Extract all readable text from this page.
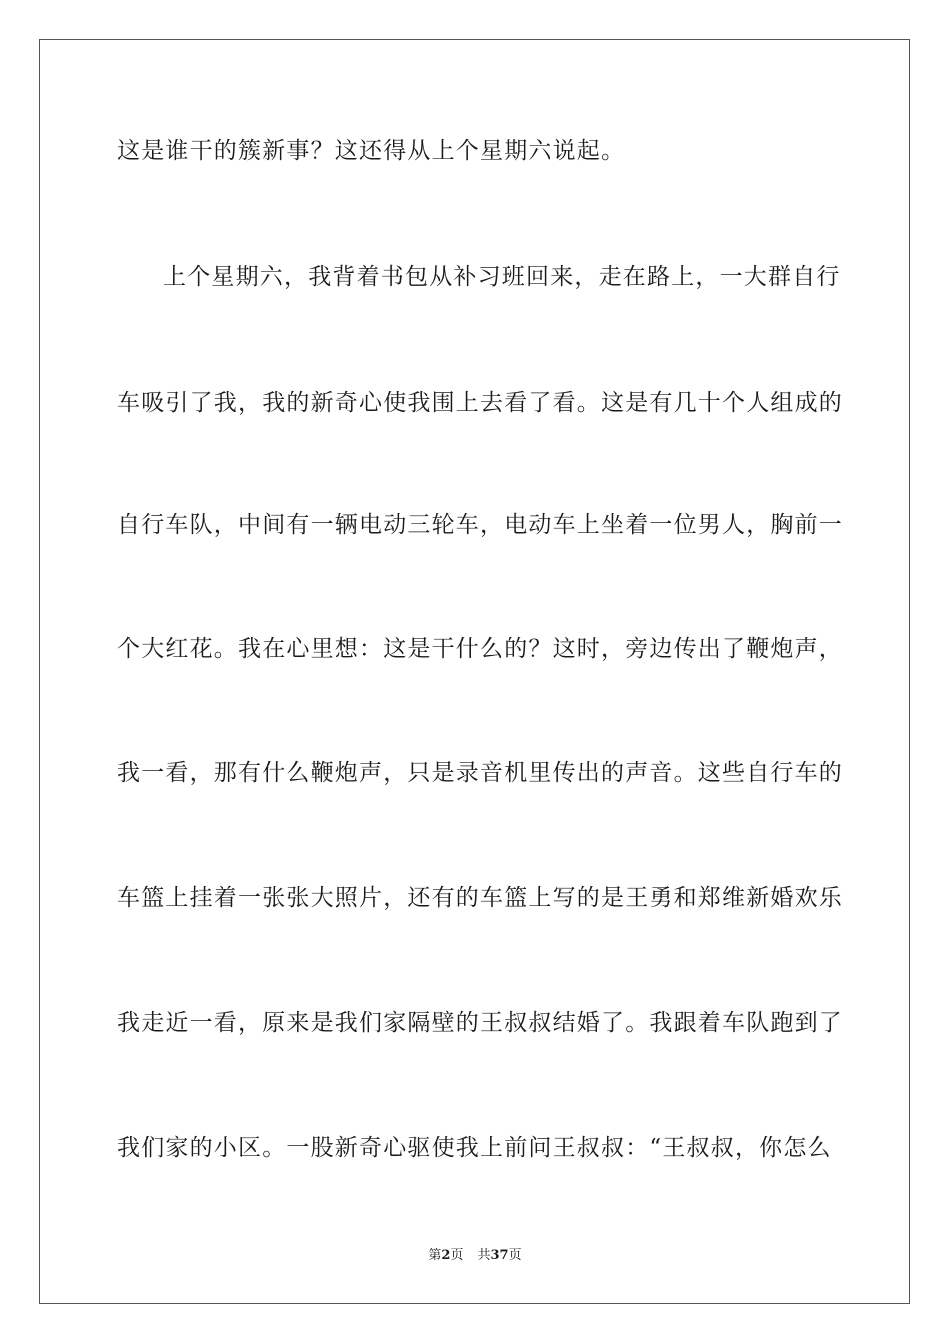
这是谁干的簇新事？这还得从上个星期六说起。
上个星期六，我背着书包从补习班回来，走在路上，一大群自行
车吸引了我，我的新奇心使我围上去看了看。这是有几十个人组成的
自行车队，中间有一辆电动三轮车，电动车上坐着一位男人，胸前一
个大红花。我在心里想：这是干什么的？这时，旁边传出了鞭炮声，
我一看，那有什么鞭炮声，只是录音机里传出的声音。这些自行车的
车篮上挂着一张张大照片，还有的车篮上写的是王勇和郑维新婚欢乐
我走近一看，原来是我们家隔壁的王叔叔结婚了。我跟着车队跑到了
我们家的小区。一股新奇心驱使我上前问王叔叔：“王叔叔，你怎么
第2页 共37页
